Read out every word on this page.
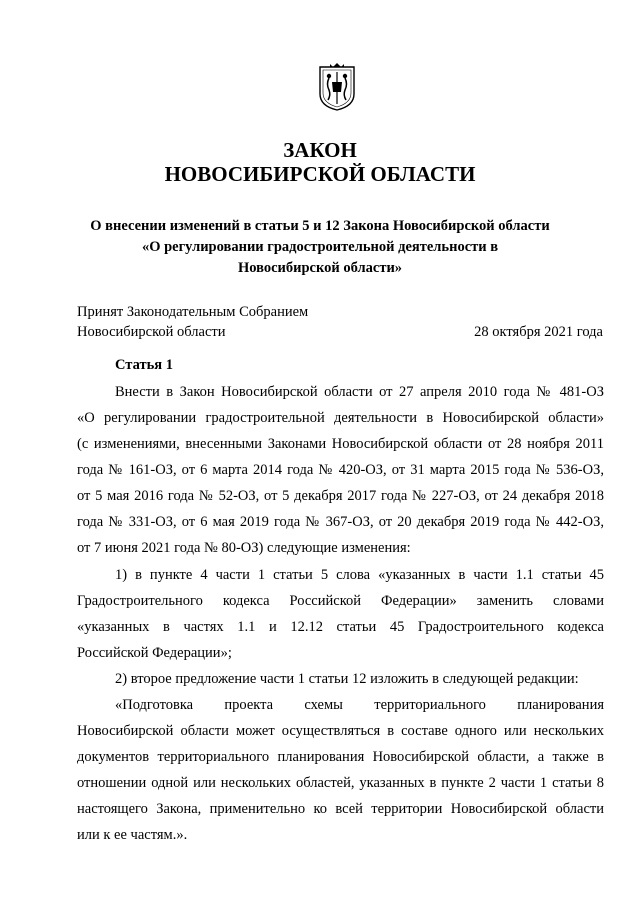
ЗАКОН
НОВОСИБИРСКОЙ ОБЛАСТИ
О внесении изменений в статьи 5 и 12 Закона Новосибирской области
«О регулировании градостроительной деятельности в
Новосибирской области»
Принят Законодательным Собранием
Новосибирской области	28 октября 2021 года
Статья 1
Внести в Закон Новосибирской области от 27 апреля 2010 года № 481-ОЗ
«О регулировании градостроительной деятельности в Новосибирской области»
(с изменениями, внесенными Законами Новосибирской области от 28 ноября 2011
года № 161-ОЗ, от 6 марта 2014 года № 420-ОЗ, от 31 марта 2015 года № 536-ОЗ,
от 5 мая 2016 года № 52-ОЗ, от 5 декабря 2017 года № 227-ОЗ, от 24 декабря 2018
года № 331-ОЗ, от 6 мая 2019 года № 367-ОЗ, от 20 декабря 2019 года № 442-ОЗ,
от 7 июня 2021 года № 80-ОЗ) следующие изменения:
1) в пункте 4 части 1 статьи 5 слова «указанных в части 1.1 статьи 45
Градостроительного кодекса Российской Федерации» заменить словами
«указанных в частях 1.1 и 12.12 статьи 45 Градостроительного кодекса
Российской Федерации»;
2) второе предложение части 1 статьи 12 изложить в следующей редакции:
«Подготовка проекта схемы территориального планирования
Новосибирской области может осуществляться в составе одного или нескольких
документов территориального планирования Новосибирской области, а также в
отношении одной или нескольких областей, указанных в пункте 2 части 1 статьи 8
настоящего Закона, применительно ко всей территории Новосибирской области
или к ее частям.».
